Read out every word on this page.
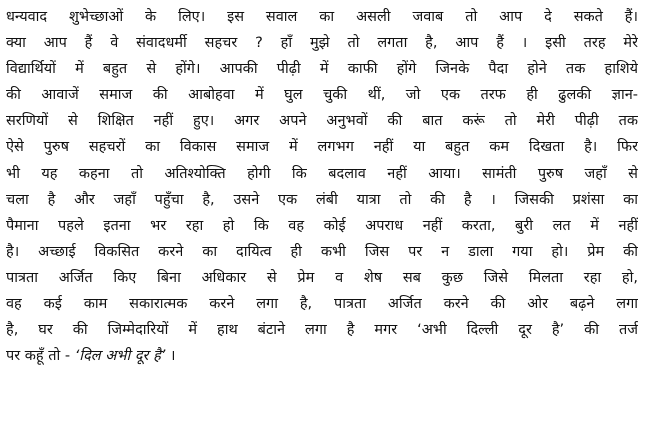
धन्यवाद शुभेच्छाओं के लिए। इस सवाल का असली जवाब तो आप दे सकते हैं।
क्या आप हैं वे संवादधर्मी सहचर ? हाँ मुझे तो लगता है, आप हैं । इसी तरह मेरे
विद्यार्थियों में बहुत से होंगे। आपकी पीढ़ी में काफी होंगे जिनके पैदा होने तक हाशिये
की आवाजें समाज की आबोहवा में घुल चुकी थीं, जो एक तरफ ही ढुलकी ज्ञान-
सरणियों से शिक्षित नहीं हुए। अगर अपने अनुभवों की बात करूं तो मेरी पीढ़ी तक
ऐसे पुरुष सहचरों का विकास समाज में लगभग नहीं या बहुत कम दिखता है। फिर
भी यह कहना तो अतिश्योक्ति होगी कि बदलाव नहीं आया। सामंती पुरुष जहाँ से
चला है और जहाँ पहुँचा है, उसने एक लंबी यात्रा तो की है । जिसकी प्रशंसा का
पैमाना पहले इतना भर रहा हो कि वह कोई अपराध नहीं करता, बुरी लत में नहीं
है। अच्छाई विकसित करने का दायित्व ही कभी जिस पर न डाला गया हो। प्रेम की
पात्रता अर्जित किए बिना अधिकार से प्रेम व शेष सब कुछ जिसे मिलता रहा हो,
वह कई काम सकारात्मक करने लगा है, पात्रता अर्जित करने की ओर बढ़ने लगा
है, घर की जिम्मेदारियों में हाथ बंटाने लगा है मगर ‘अभी दिल्ली दूर है’ की तर्ज
पर कहूँ तो - ‘दिल अभी दूर है’ ।
